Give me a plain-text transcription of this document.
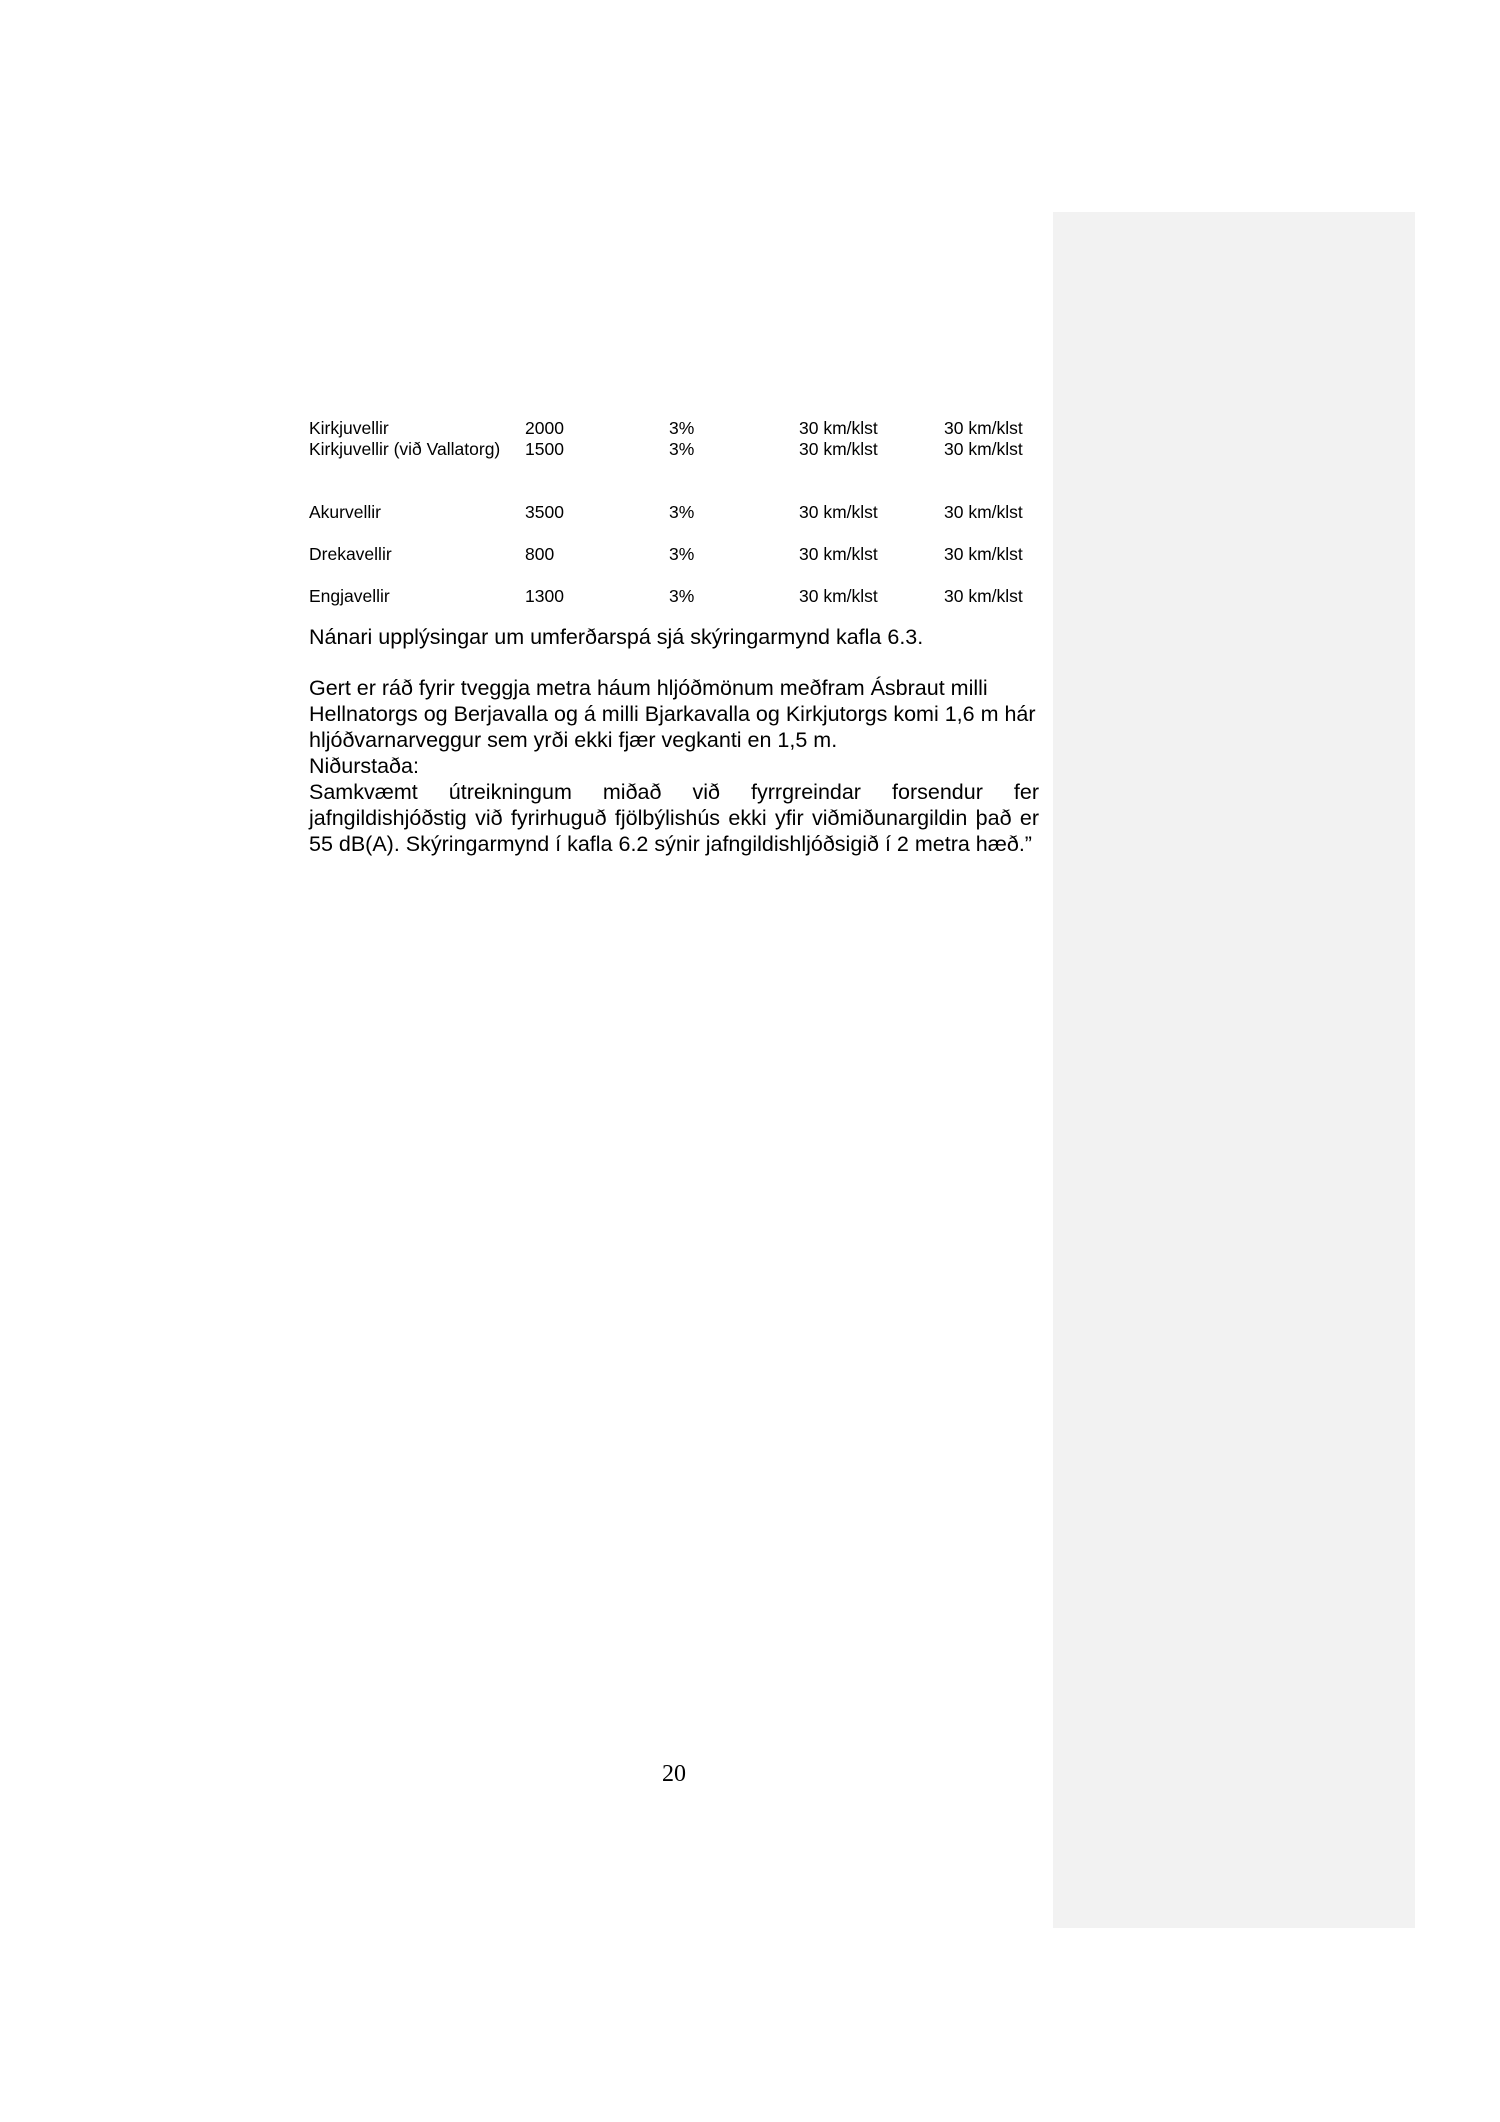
Kirkjuvellir	2000	3%	30 km/klst	30 km/klst
Kirkjuvellir (við Vallatorg)	1500	3%	30 km/klst	30 km/klst
Akurvellir	3500	3%	30 km/klst	30 km/klst
Drekavellir	800	3%	30 km/klst	30 km/klst
Engjavellir	1300	3%	30 km/klst	30 km/klst

Nánari upplýsingar um umferðarspá sjá skýringarmynd kafla 6.3.

Gert er ráð fyrir tveggja metra háum hljóðmönum meðfram Ásbraut milli Hellnatorgs og Berjavalla og á milli Bjarkavalla og Kirkjutorgs komi 1,6 m hár hljóðvarnarveggur sem yrði ekki fjær vegkanti en 1,5 m.

Niðurstaða:

Samkvæmt útreikningum miðað við fyrrgreindar forsendur fer jafngildishjóðstig við fyrirhuguð fjölbýlishús ekki yfir viðmiðunargildin það er 55 dB(A). Skýringarmynd í kafla 6.2 sýnir jafngildishljóðsigið í 2 metra hæð.”

20
